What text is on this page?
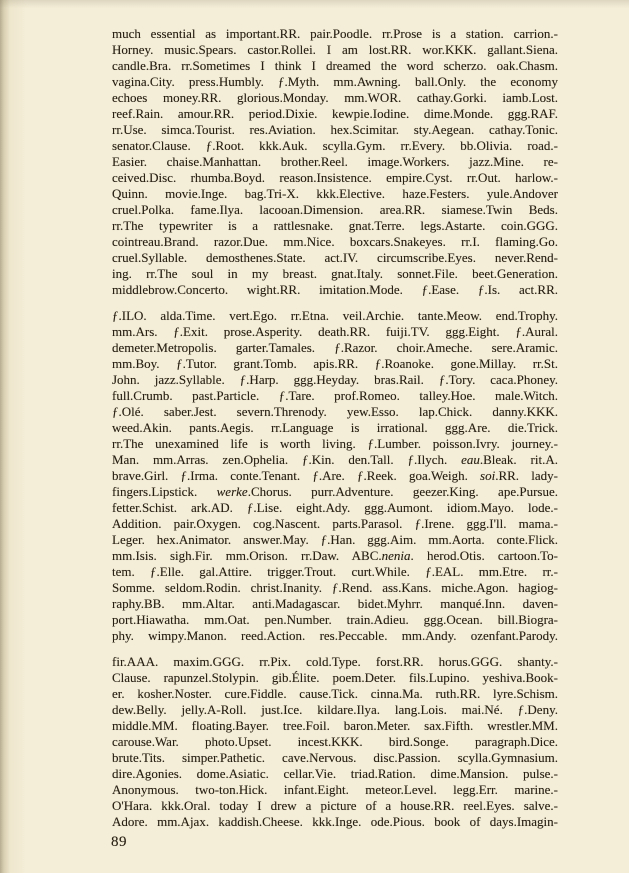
much essential as important.RR. pair.Poodle. rr.Prose is a station. carrion.-
Horney. music.Spears. castor.Rollei. I am lost.RR. wor.KKK. gallant.Siena.
candle.Bra. rr.Sometimes I think I dreamed the word scherzo. oak.Chasm.
vagina.City. press.Humbly. ƒ.Myth. mm.Awning. ball.Only. the economy
echoes money.RR. glorious.Monday. mm.WOR. cathay.Gorki. iamb.Lost.
reef.Rain. amour.RR. period.Dixie. kewpie.Iodine. dime.Monde. ggg.RAF.
rr.Use. simca.Tourist. res.Aviation. hex.Scimitar. sty.Aegean. cathay.Tonic.
senator.Clause. ƒ.Root. kkk.Auk. scylla.Gym. rr.Every. bb.Olivia. road.-
Easier. chaise.Manhattan. brother.Reel. image.Workers. jazz.Mine. re-
ceived.Disc. rhumba.Boyd. reason.Insistence. empire.Cyst. rr.Out. harlow.-
Quinn. movie.Inge. bag.Tri-X. kkk.Elective. haze.Festers. yule.Andover
cruel.Polka. fame.Ilya. lacooan.Dimension. area.RR. siamese.Twin Beds.
rr.The typewriter is a rattlesnake. gnat.Terre. legs.Astarte. coin.GGG.
cointreau.Brand. razor.Due. mm.Nice. boxcars.Snakeyes. rr.I. flaming.Go.
cruel.Syllable. demosthenes.State. act.IV. circumscribe.Eyes. never.Rend-
ing. rr.The soul in my breast. gnat.Italy. sonnet.File. beet.Generation.
middlebrow.Concerto. wight.RR. imitation.Mode. ƒ.Ease. ƒ.Is. act.RR.
ƒ.ILO. alda.Time. vert.Ego. rr.Etna. veil.Archie. tante.Meow. end.Trophy.
mm.Ars. ƒ.Exit. prose.Asperity. death.RR. fuiji.TV. ggg.Eight. ƒ.Aural.
demeter.Metropolis. garter.Tamales. ƒ.Razor. choir.Ameche. sere.Aramic.
mm.Boy. ƒ.Tutor. grant.Tomb. apis.RR. ƒ.Roanoke. gone.Millay. rr.St.
John. jazz.Syllable. ƒ.Harp. ggg.Heyday. bras.Rail. ƒ.Tory. caca.Phoney.
full.Crumb. past.Particle. ƒ.Tare. prof.Romeo. talley.Hoe. male.Witch.
ƒ.Olé. saber.Jest. severn.Threnody. yew.Esso. lap.Chick. danny.KKK.
weed.Akin. pants.Aegis. rr.Language is irrational. ggg.Are. die.Trick.
rr.The unexamined life is worth living. ƒ.Lumber. poisson.Ivry. journey.-
Man. mm.Arras. zen.Ophelia. ƒ.Kin. den.Tall. ƒ.Ilych. eau.Bleak. rit.A.
brave.Girl. ƒ.Irma. conte.Tenant. ƒ.Are. ƒ.Reek. goa.Weigh. soi.RR. lady-
fingers.Lipstick. werke.Chorus. purr.Adventure. geezer.King. ape.Pursue.
fetter.Schist. ark.AD. ƒ.Lise. eight.Ady. ggg.Aumont. idiom.Mayo. lode.-
Addition. pair.Oxygen. cog.Nascent. parts.Parasol. ƒ.Irene. ggg.I'll. mama.-
Leger. hex.Animator. answer.May. ƒ.Han. ggg.Aim. mm.Aorta. conte.Flick.
mm.Isis. sigh.Fir. mm.Orison. rr.Daw. ABC.nenia. herod.Otis. cartoon.To-
tem. ƒ.Elle. gal.Attire. trigger.Trout. curt.While. ƒ.EAL. mm.Etre. rr.-
Somme. seldom.Rodin. christ.Inanity. ƒ.Rend. ass.Kans. miche.Agon. hagiog-
raphy.BB. mm.Altar. anti.Madagascar. bidet.Myhrr. manqué.Inn. daven-
port.Hiawatha. mm.Oat. pen.Number. train.Adieu. ggg.Ocean. bill.Biogra-
phy. wimpy.Manon. reed.Action. res.Peccable. mm.Andy. ozenfant.Parody.
fir.AAA. maxim.GGG. rr.Pix. cold.Type. forst.RR. horus.GGG. shanty.-
Clause. rapunzel.Stolypin. gib.Élite. poem.Deter. fils.Lupino. yeshiva.Book-
er. kosher.Noster. cure.Fiddle. cause.Tick. cinna.Ma. ruth.RR. lyre.Schism.
dew.Belly. jelly.A-Roll. just.Ice. kildare.Ilya. lang.Lois. mai.Né. ƒ.Deny.
middle.MM. floating.Bayer. tree.Foil. baron.Meter. sax.Fifth. wrestler.MM.
carouse.War. photo.Upset. incest.KKK. bird.Songe. paragraph.Dice.
brute.Tits. simper.Pathetic. cave.Nervous. disc.Passion. scylla.Gymnasium.
dire.Agonies. dome.Asiatic. cellar.Vie. triad.Ration. dime.Mansion. pulse.-
Anonymous. two-ton.Hick. infant.Eight. meteor.Level. legg.Err. marine.-
O'Hara. kkk.Oral. today I drew a picture of a house.RR. reel.Eyes. salve.-
Adore. mm.Ajax. kaddish.Cheese. kkk.Inge. ode.Pious. book of days.Imagin-
89
